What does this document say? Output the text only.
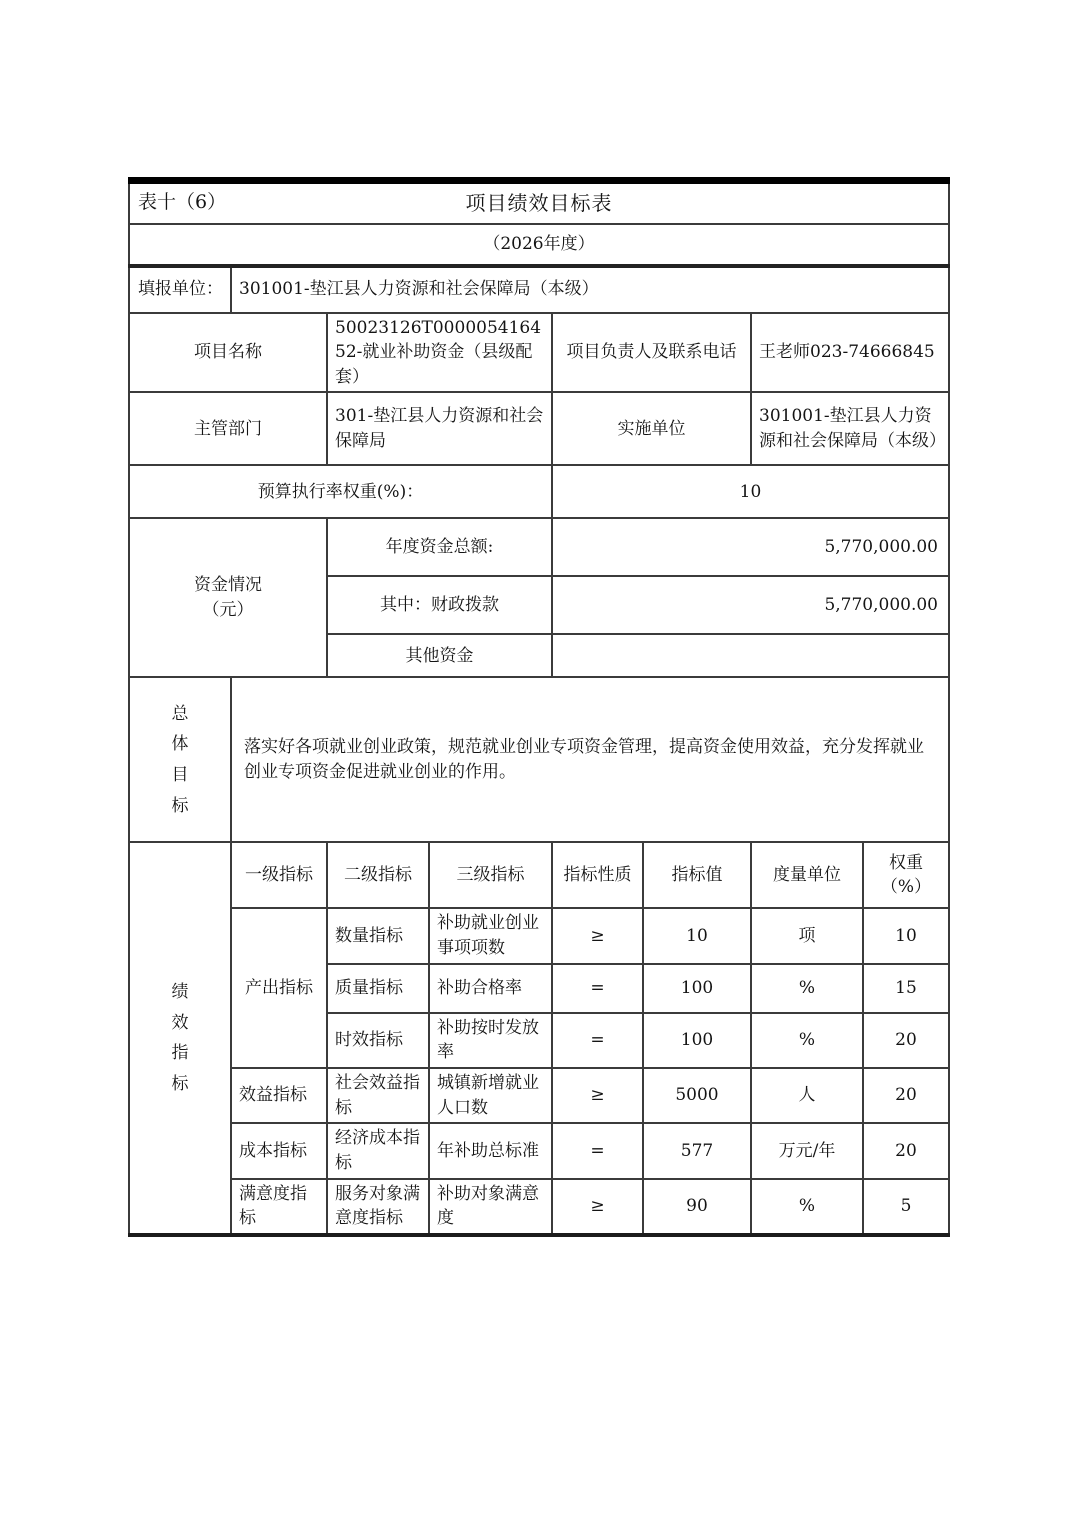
表十（6） 项目绩效目标表							

（2026年度）							
填报单位：	301001-垫江县人力资源和社会保障局（本级）						
项目名称		50023126T000005416452-就业补助资金（县级配套）		项目负责人及联系电话		王老师023-74666845	
主管部门		301-垫江县人力资源和社会保障局		实施单位		301001-垫江县人力资源和社会保障局（本级）	
预算执行率权重(%)：				10			

资金情况
（元）		年度资金总额:		5,770,000.00			
		其中：财政拨款		5,770,000.00			
		其他资金					
总体目标	落实好各项就业创业政策，规范就业创业专项资金管理，提高资金使用效益，充分发挥就业创业专项资金促进就业创业的作用。						
绩效指标	一级指标	二级指标	三级指标	指标性质	指标值	度量单位	权重（%）
	产出指标	数量指标	补助就业创业事项项数	≥	10	项	10
		质量指标	补助合格率	=	100	%	15
		时效指标	补助按时发放率	=	100	%	20
	效益指标	社会效益指标	城镇新增就业人口数	≥	5000	人	20
	成本指标	经济成本指标	年补助总标准	=	577	万元/年	20
	满意度指标	服务对象满意度指标	补助对象满意度	≥	90	%	5
